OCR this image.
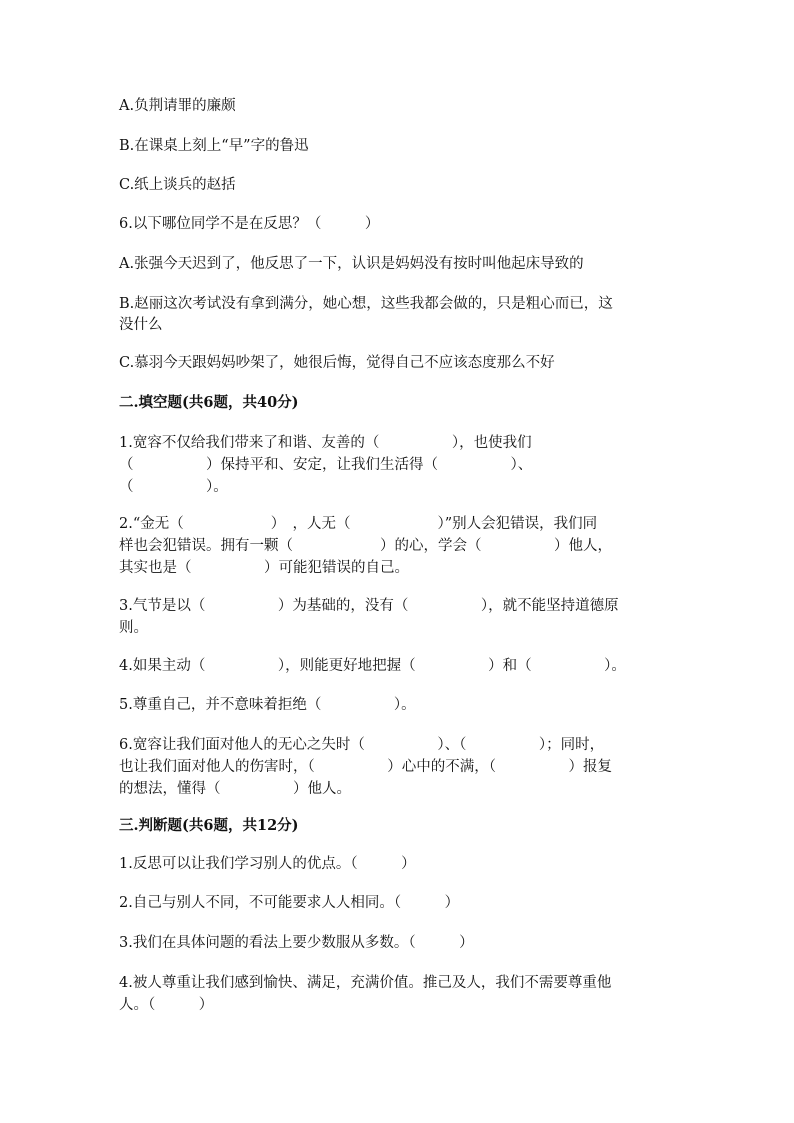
A.负荆请罪的廉颇
B.在课桌上刻上“早”字的鲁迅
C.纸上谈兵的赵括
6.以下哪位同学不是在反思？（　　　）
A.张强今天迟到了，他反思了一下，认识是妈妈没有按时叫他起床导致的
B.赵丽这次考试没有拿到满分，她心想，这些我都会做的，只是粗心而已，这
没什么
C.慕羽今天跟妈妈吵架了，她很后悔，觉得自己不应该态度那么不好
二.填空题(共6题，共40分)
1.宽容不仅给我们带来了和谐、友善的（　　　　　），也使我们
（　　　　　）保持平和、安定，让我们生活得（　　　　　）、
（　　　　　）。
2.“金无（　　　　　　）　，人无（　　　　　　）”别人会犯错误，我们同
样也会犯错误。拥有一颗（　　　　　　）的心，学会（　　　　　）他人，
其实也是（　　　　　）可能犯错误的自己。
3.气节是以（　　　　　）为基础的，没有（　　　　　），就不能坚持道德原
则。
4.如果主动（　　　　　），则能更好地把握（　　　　　）和（　　　　　）。
5.尊重自己，并不意味着拒绝（　　　　　）。
6.宽容让我们面对他人的无心之失时（　　　　　）、（　　　　　）；同时，
也让我们面对他人的伤害时，（　　　　　）心中的不满，（　　　　　）报复
的想法，懂得（　　　　　）他人。
三.判断题(共6题，共12分)
1.反思可以让我们学习别人的优点。（　　　）
2.自己与别人不同，不可能要求人人相同。（　　　）
3.我们在具体问题的看法上要少数服从多数。（　　　）
4.被人尊重让我们感到愉快、满足，充满价值。推己及人，我们不需要尊重他
人。（　　　）
